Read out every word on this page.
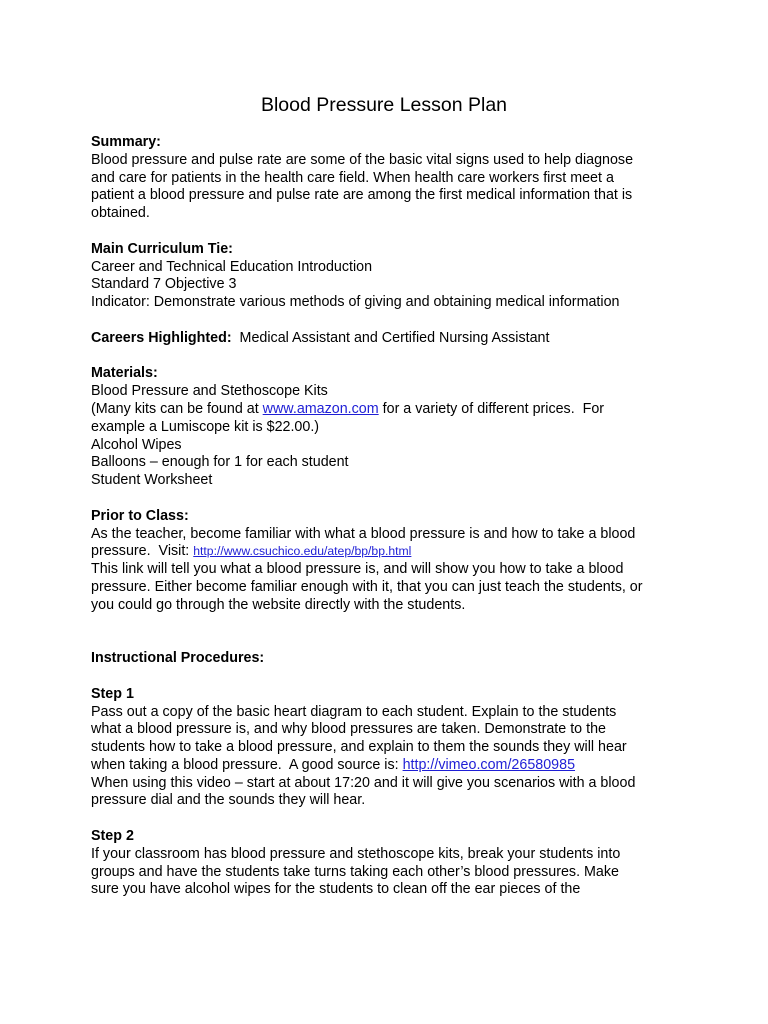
Blood Pressure Lesson Plan
Summary:
Blood pressure and pulse rate are some of the basic vital signs used to help diagnose
and care for patients in the health care field. When health care workers first meet a
patient a blood pressure and pulse rate are among the first medical information that is
obtained.
Main Curriculum Tie:
Career and Technical Education Introduction
Standard 7 Objective 3
Indicator: Demonstrate various methods of giving and obtaining medical information
Careers Highlighted:  Medical Assistant and Certified Nursing Assistant
Materials:
Blood Pressure and Stethoscope Kits
(Many kits can be found at www.amazon.com for a variety of different prices.  For
example a Lumiscope kit is $22.00.)
Alcohol Wipes
Balloons – enough for 1 for each student
Student Worksheet
Prior to Class:
As the teacher, become familiar with what a blood pressure is and how to take a blood
pressure.  Visit: http://www.csuchico.edu/atep/bp/bp.html
This link will tell you what a blood pressure is, and will show you how to take a blood
pressure. Either become familiar enough with it, that you can just teach the students, or
you could go through the website directly with the students.
Instructional Procedures:
Step 1
Pass out a copy of the basic heart diagram to each student. Explain to the students
what a blood pressure is, and why blood pressures are taken. Demonstrate to the
students how to take a blood pressure, and explain to them the sounds they will hear
when taking a blood pressure.  A good source is: http://vimeo.com/26580985
When using this video – start at about 17:20 and it will give you scenarios with a blood
pressure dial and the sounds they will hear.
Step 2
If your classroom has blood pressure and stethoscope kits, break your students into
groups and have the students take turns taking each other’s blood pressures. Make
sure you have alcohol wipes for the students to clean off the ear pieces of the
